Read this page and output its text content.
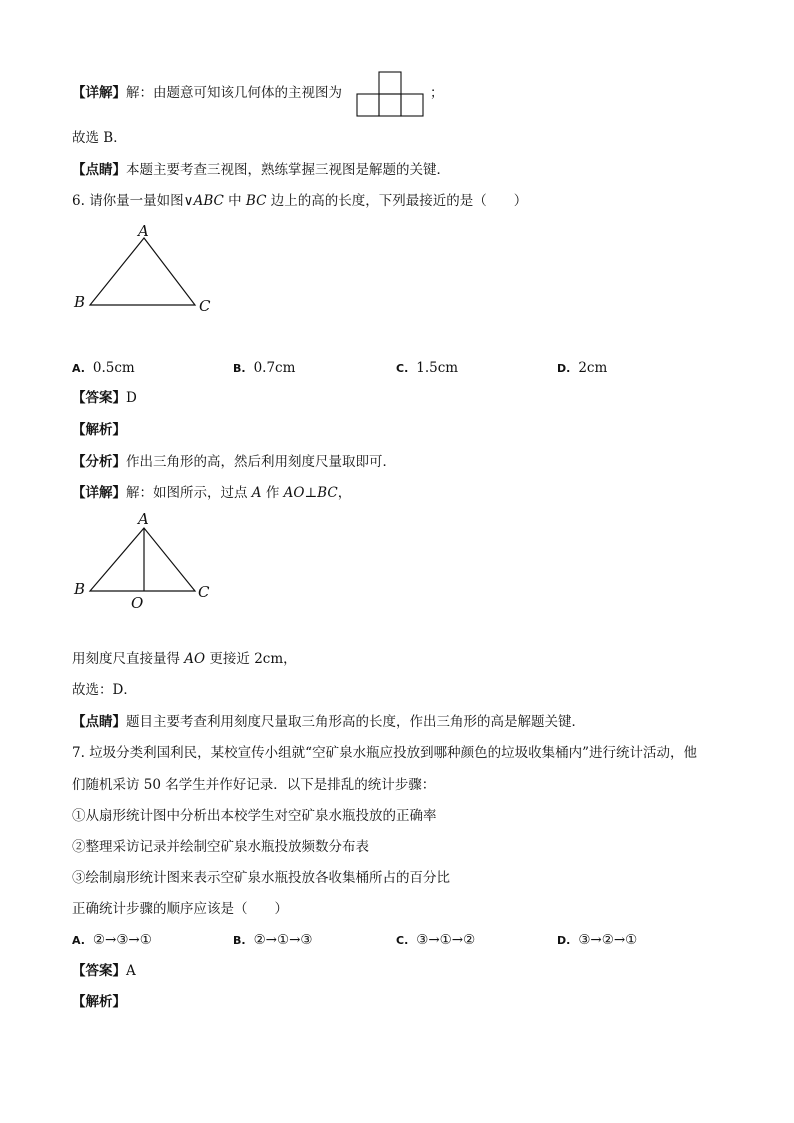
【详解】解：由题意可知该几何体的主视图为	；
故选 B．
【点睛】本题主要考查三视图，熟练掌握三视图是解题的关键．
6. 请你量一量如图∨ABC 中 BC 边上的高的长度，下列最接近的是（　　）
A
B	C
A. 0.5cm	B. 0.7cm	C. 1.5cm	D. 2cm
【答案】D
【解析】
【分析】作出三角形的高，然后利用刻度尺量取即可．
【详解】解：如图所示，过点 A 作 AO⊥BC，
A
B	C
O
用刻度尺直接量得 AO 更接近 2cm，
故选：D．
【点睛】题目主要考查利用刻度尺量取三角形高的长度，作出三角形的高是解题关键．
7. 垃圾分类利国利民，某校宣传小组就“空矿泉水瓶应投放到哪种颜色的垃圾收集桶内”进行统计活动，他
们随机采访 50 名学生并作好记录．以下是排乱的统计步骤：
①从扇形统计图中分析出本校学生对空矿泉水瓶投放的正确率
②整理采访记录并绘制空矿泉水瓶投放频数分布表
③绘制扇形统计图来表示空矿泉水瓶投放各收集桶所占的百分比
正确统计步骤的顺序应该是（　　）
A. ②→③→①	B. ②→①→③	C. ③→①→②	D. ③→②→①
【答案】A
【解析】
